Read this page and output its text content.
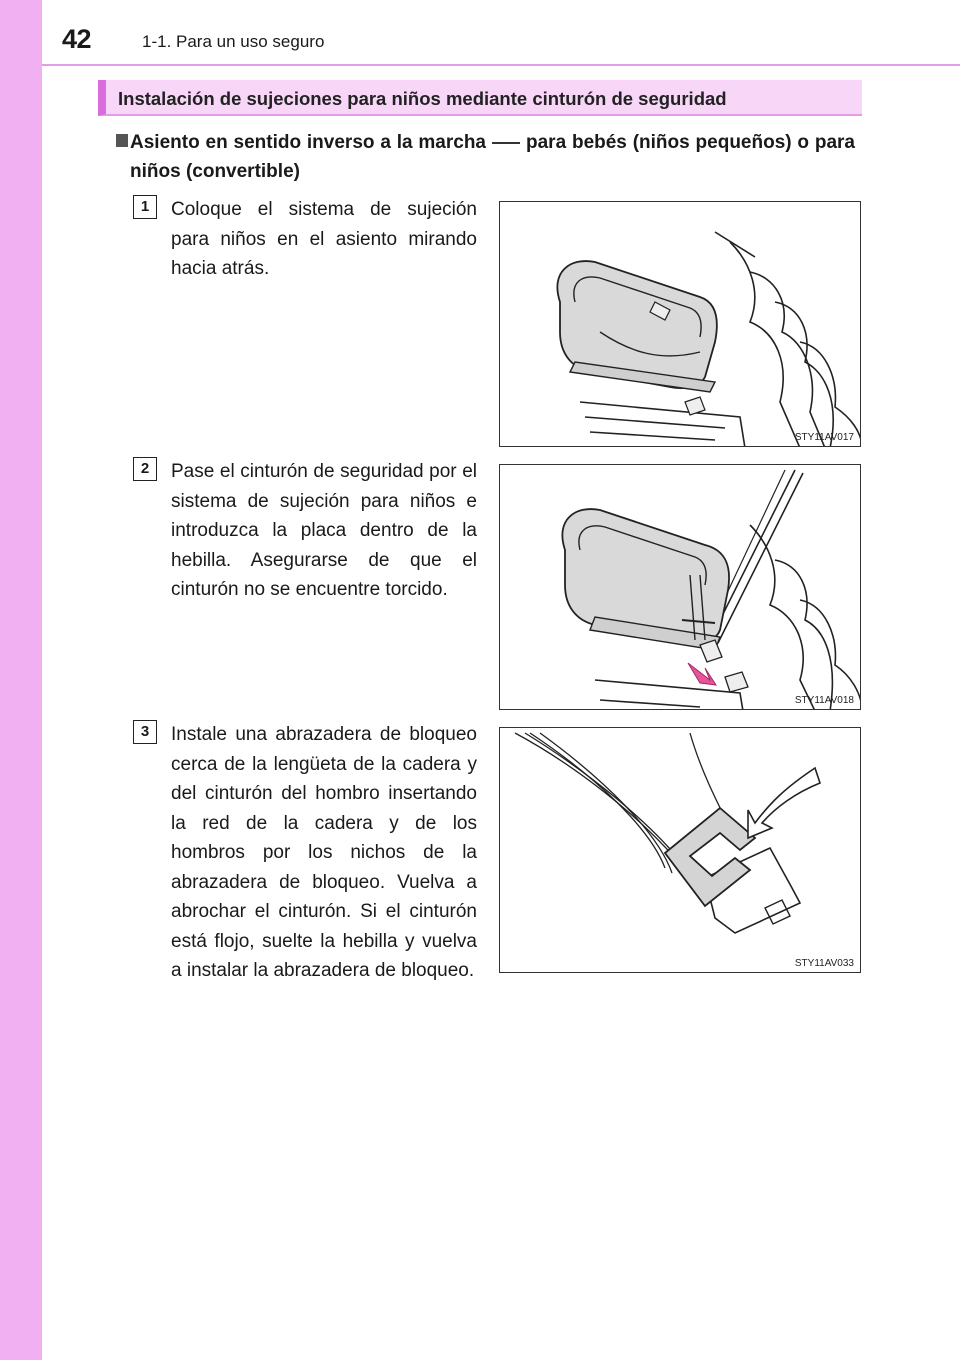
42	1-1. Para un uso seguro
Instalación de sujeciones para niños mediante cinturón de seguridad
Asiento en sentido inverso a la marcha para bebés (niños pequeños) o para niños (convertible)
1	Coloque el sistema de sujeción para niños en el asiento mirando hacia atrás.
STY11AV017
2	Pase el cinturón de seguridad por el sistema de sujeción para niños e introduzca la placa dentro de la hebilla. Asegurarse de que el cinturón no se encuentre torcido.
STY11AV018
3	Instale una abrazadera de bloqueo cerca de la lengüeta de la cadera y del cinturón del hombro insertando la red de la cadera y de los hombros por los nichos de la abrazadera de bloqueo. Vuelva a abrochar el cinturón. Si el cinturón está flojo, suelte la hebilla y vuelva a instalar la abrazadera de bloqueo.	STY11AV033
